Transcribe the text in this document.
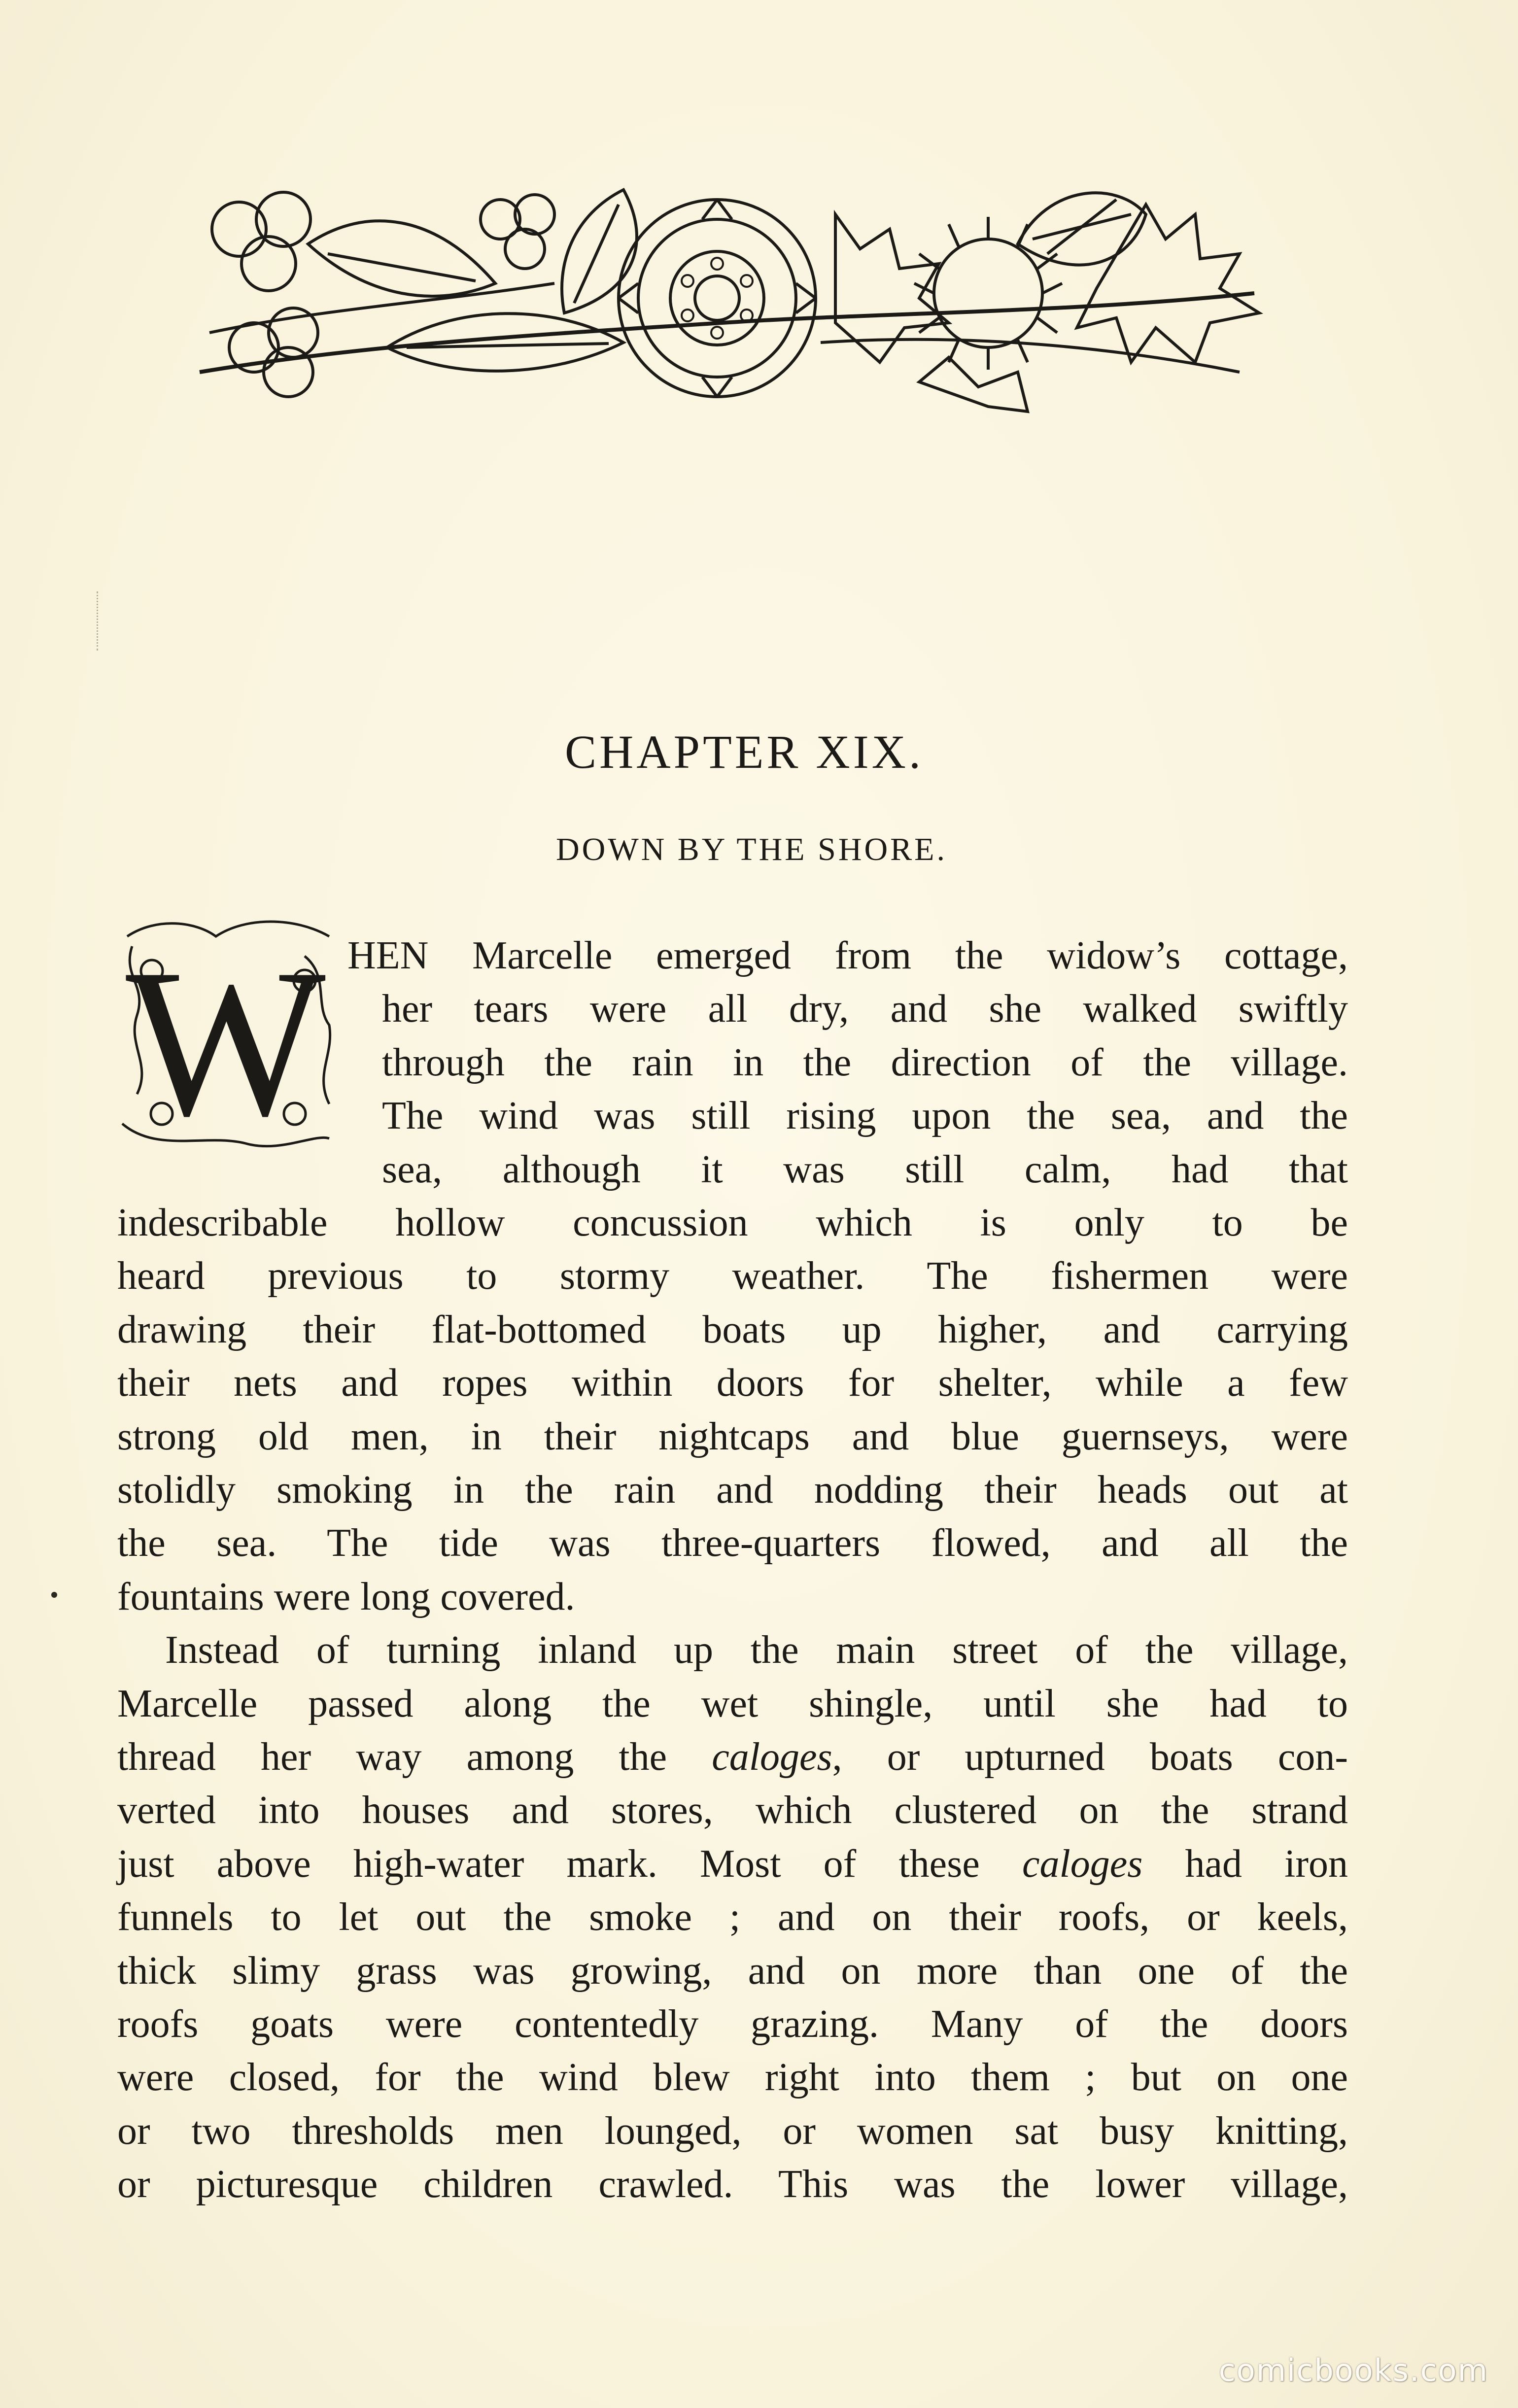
CHAPTER XIX.
DOWN BY THE SHORE.
W HEN Marcelle emerged from the widow’s cottage,
her tears were all dry, and she walked swiftly
through the rain in the direction of the village.
The wind was still rising upon the sea, and the
sea, although it was still calm, had that
indescribable hollow concussion which is only to be
heard previous to stormy weather. The fishermen were
drawing their flat-bottomed boats up higher, and carrying
their nets and ropes within doors for shelter, while a few
strong old men, in their nightcaps and blue guernseys, were
stolidly smoking in the rain and nodding their heads out at
the sea. The tide was three-quarters flowed, and all the
fountains were long covered.
Instead of turning inland up the main street of the village,
Marcelle passed along the wet shingle, until she had to
thread her way among the caloges, or upturned boats con-
verted into houses and stores, which clustered on the strand
just above high-water mark. Most of these caloges had iron
funnels to let out the smoke ; and on their roofs, or keels,
thick slimy grass was growing, and on more than one of the
roofs goats were contentedly grazing. Many of the doors
were closed, for the wind blew right into them ; but on one
or two thresholds men lounged, or women sat busy knitting,
or picturesque children crawled. This was the lower village,
comicbooks.com
